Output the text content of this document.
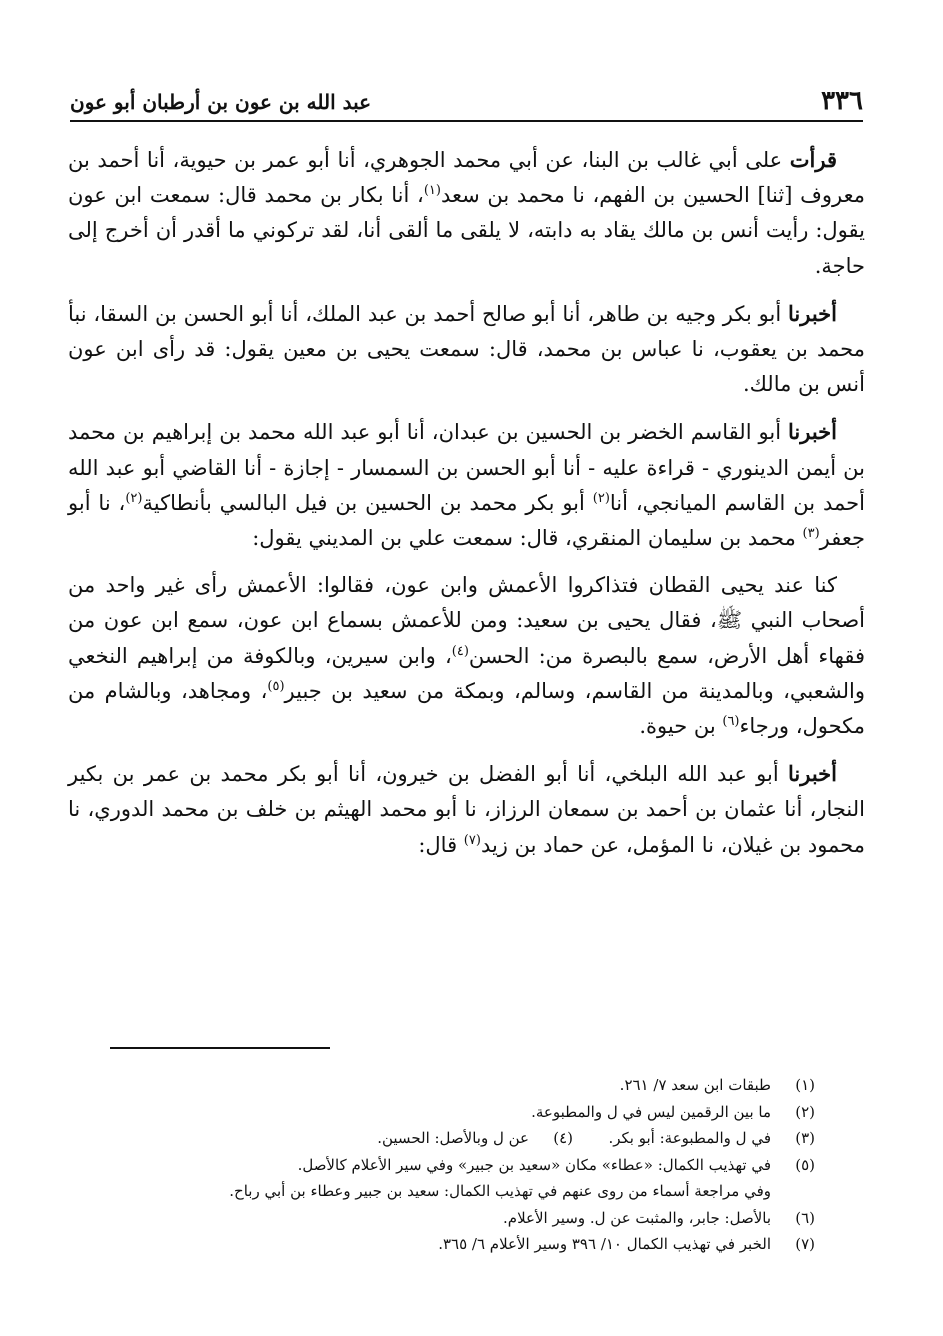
٣٣٦
عبد الله بن عون بن أرطبان أبو عون

قرأت على أبي غالب بن البنا، عن أبي محمد الجوهري، أنا أبو عمر بن حيوية، أنا أحمد بن معروف [ثنا] الحسين بن الفهم، نا محمد بن سعد$^{(١)}$، أنا بكار بن محمد قال: سمعت ابن عون يقول: رأيت أنس بن مالك يقاد به دابته، لا يلقى ما ألقى أنا، لقد تركوني ما أقدر أن أخرج إلى حاجة.

أخبرنا أبو بكر وجيه بن طاهر، أنا أبو صالح أحمد بن عبد الملك، أنا أبو الحسن بن السقا، نبأ محمد بن يعقوب، نا عباس بن محمد، قال: سمعت يحيى بن معين يقول: قد رأى ابن عون أنس بن مالك.

أخبرنا أبو القاسم الخضر بن الحسين بن عبدان، أنا أبو عبد الله محمد بن إبراهيم بن محمد بن أيمن الدينوري - قراءة عليه - أنا أبو الحسن بن السمسار - إجازة - أنا القاضي أبو عبد الله أحمد بن القاسم الميانجي، أنا$^{(٢)}$ أبو بكر محمد بن الحسين بن فيل البالسي بأنطاكية$^{(٢)}$، نا أبو جعفر$^{(٣)}$ محمد بن سليمان المنقري، قال: سمعت علي بن المديني يقول:

كنا عند يحيى القطان فتذاكروا الأعمش وابن عون، فقالوا: الأعمش رأى غير واحد من أصحاب النبي ﷺ، فقال يحيى بن سعيد: ومن للأعمش بسماع ابن عون، سمع ابن عون من فقهاء أهل الأرض، سمع بالبصرة من: الحسن$^{(٤)}$، وابن سيرين، وبالكوفة من إبراهيم النخعي والشعبي، وبالمدينة من القاسم، وسالم، وبمكة من سعيد بن جبير$^{(٥)}$، ومجاهد، وبالشام من مكحول، ورجاء$^{(٦)}$ بن حيوة.

أخبرنا أبو عبد الله البلخي، أنا أبو الفضل بن خيرون، أنا أبو بكر محمد بن عمر بن بكير النجار، أنا عثمان بن أحمد بن سمعان الرزاز، نا أبو محمد الهيثم بن خلف بن محمد الدوري، نا محمود بن غيلان، نا المؤمل، عن حماد بن زيد$^{(٧)}$ قال:

(١)
طبقات ابن سعد ٧/ ٢٦١.
(٢)
ما بين الرقمين ليس في ل والمطبوعة.
(٣)
في ل والمطبوعة: أبو بكر.
(٤)
عن ل وبالأصل: الحسين.
(٥)
في تهذيب الكمال: «عطاء» مكان «سعيد بن جبير» وفي سير الأعلام كالأصل.
وفي مراجعة أسماء من روى عنهم في تهذيب الكمال: سعيد بن جبير وعطاء بن أبي رباح.
(٦)
بالأصل: جابر، والمثبت عن ل. وسير الأعلام.
(٧)
الخبر في تهذيب الكمال ١٠/ ٣٩٦ وسير الأعلام ٦/ ٣٦٥.
